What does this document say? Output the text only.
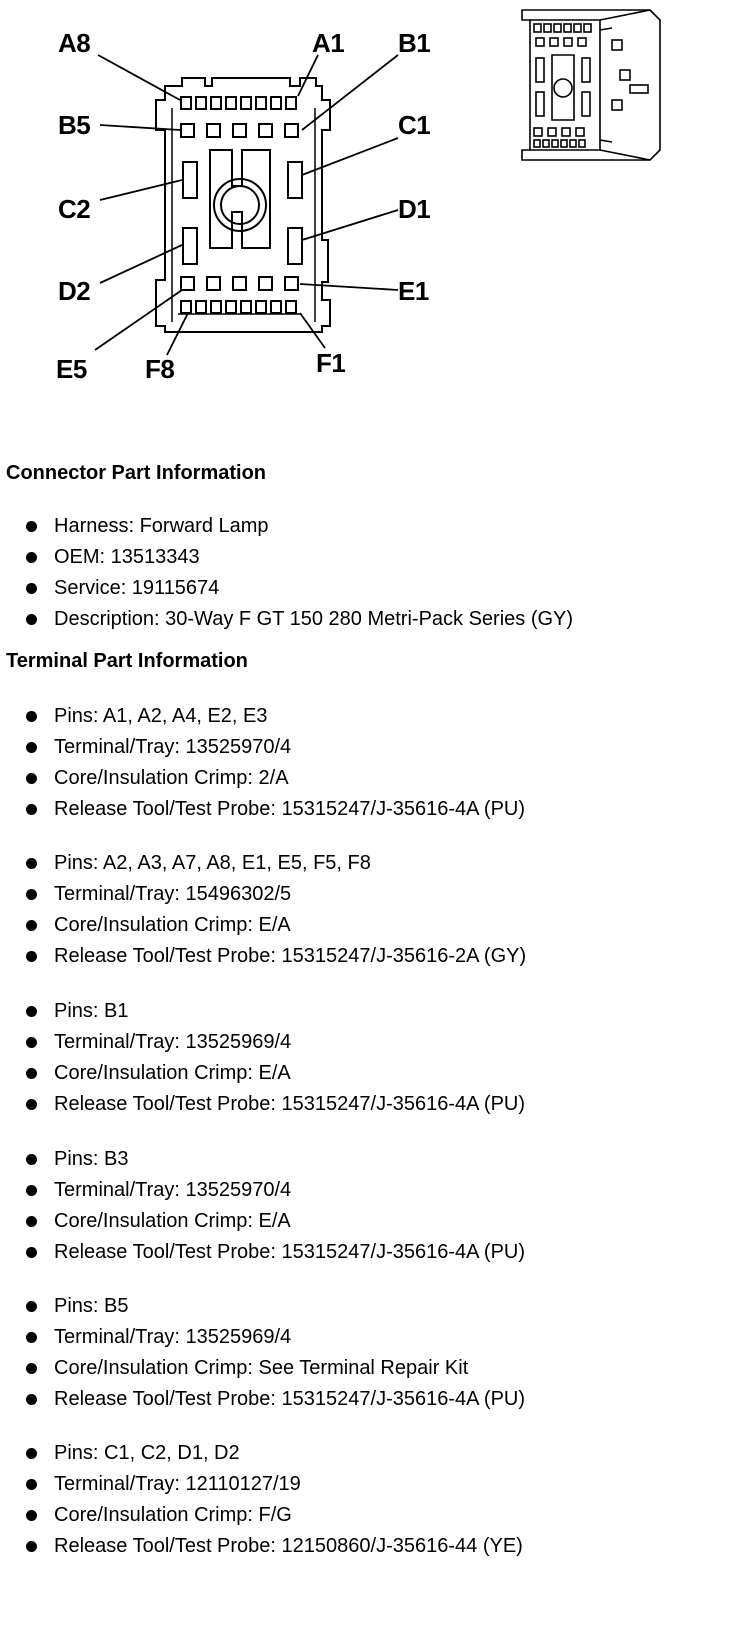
A8	A1 B1
B5	C1
C2	D1
D2	E1
E5 F8	F1
Connector Part Information
Harness: Forward Lamp
OEM: 13513343
Service: 19115674
Description: 30-Way F GT 150 280 Metri-Pack Series (GY)
Terminal Part Information
Pins: A1, A2, A4, E2, E3
Terminal/Tray: 13525970/4
Core/Insulation Crimp: 2/A
Release Tool/Test Probe: 15315247/J-35616-4A (PU)
Pins: A2, A3, A7, A8, E1, E5, F5, F8
Terminal/Tray: 15496302/5
Core/Insulation Crimp: E/A
Release Tool/Test Probe: 15315247/J-35616-2A (GY)
Pins: B1
Terminal/Tray: 13525969/4
Core/Insulation Crimp: E/A
Release Tool/Test Probe: 15315247/J-35616-4A (PU)
Pins: B3
Terminal/Tray: 13525970/4
Core/Insulation Crimp: E/A
Release Tool/Test Probe: 15315247/J-35616-4A (PU)
Pins: B5
Terminal/Tray: 13525969/4
Core/Insulation Crimp: See Terminal Repair Kit
Release Tool/Test Probe: 15315247/J-35616-4A (PU)
Pins: C1, C2, D1, D2
Terminal/Tray: 12110127/19
Core/Insulation Crimp: F/G
Release Tool/Test Probe: 12150860/J-35616-44 (YE)
